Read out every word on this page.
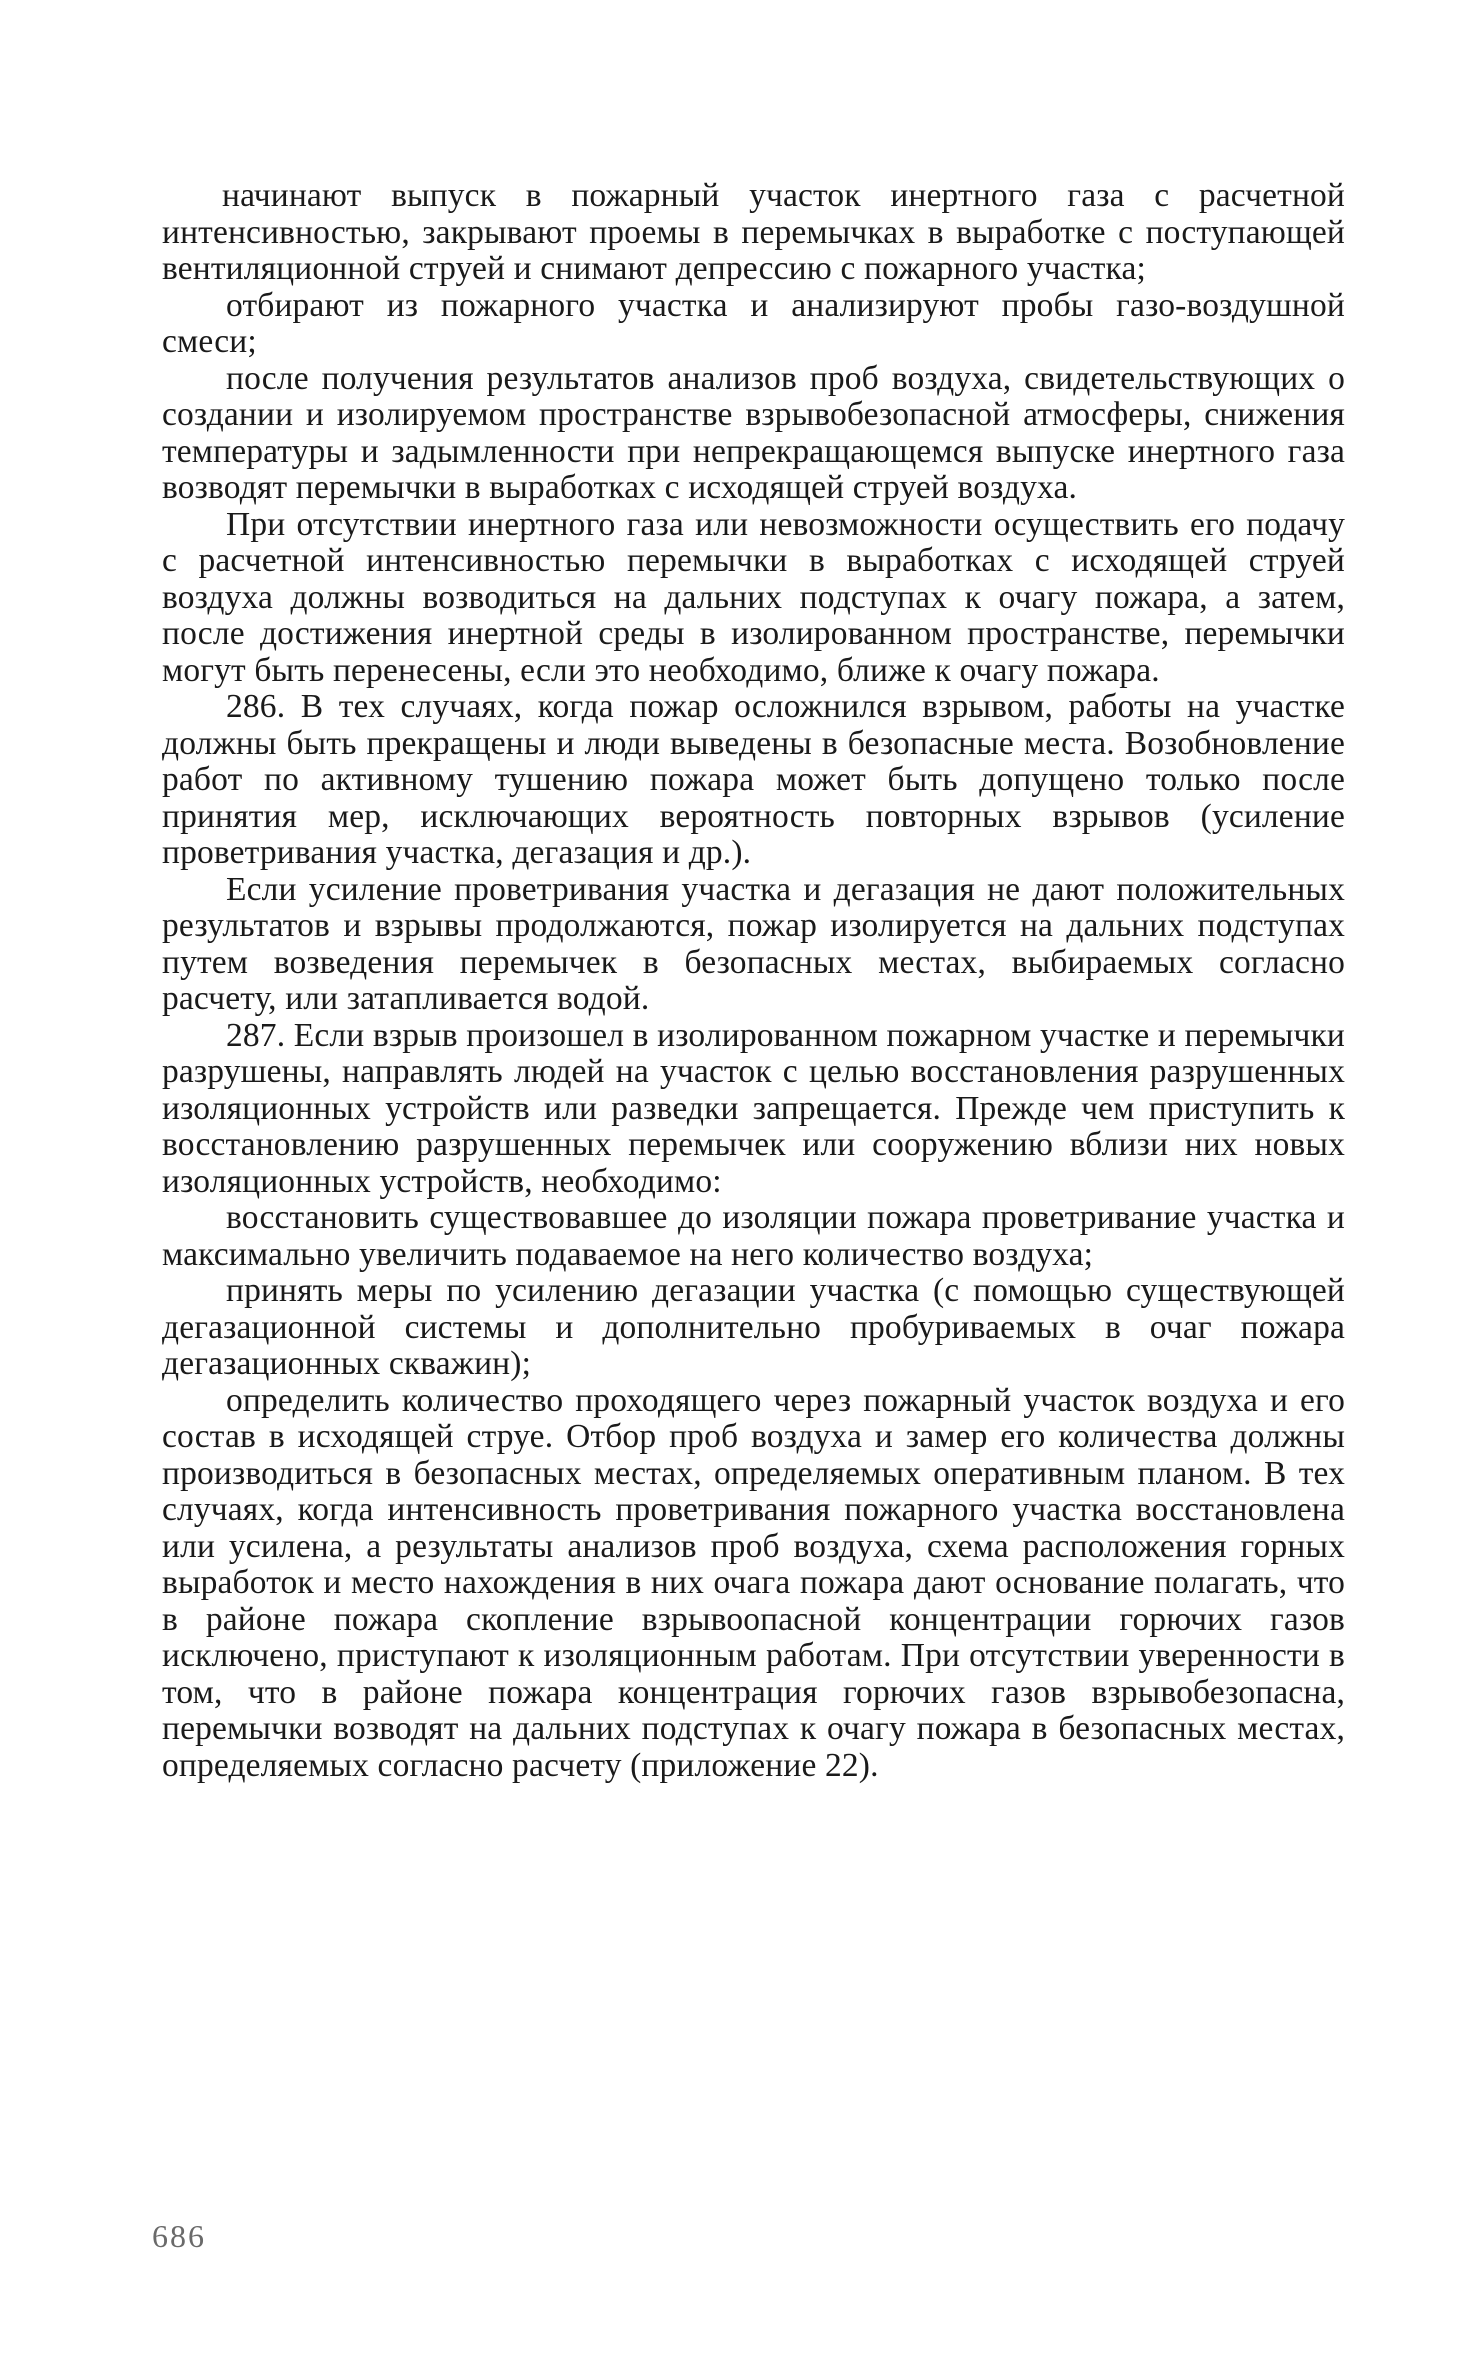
начинают выпуск в пожарный участок инертного газа с расчетной интенсивностью, закрывают проемы в перемычках в выработке с поступающей вентиляционной струей и снимают депрессию с пожарного участка;

отбирают из пожарного участка и анализируют пробы газо-воздушной смеси;

после получения результатов анализов проб воздуха, свидетельствующих о создании и изолируемом пространстве взрывобезопасной атмосферы, снижения температуры и задымленности при непрекращающемся выпуске инертного газа возводят перемычки в выработках с исходящей струей воздуха.

При отсутствии инертного газа или невозможности осуществить его подачу с расчетной интенсивностью перемычки в выработках с исходящей струей воздуха должны возводиться на дальних подступах к очагу пожара, а затем, после достижения инертной среды в изолированном пространстве, перемычки могут быть перенесены, если это необходимо, ближе к очагу пожара.

286. В тех случаях, когда пожар осложнился взрывом, работы на участке должны быть прекращены и люди выведены в безопасные места. Возобновление работ по активному тушению пожара может быть допущено только после принятия мер, исключающих вероятность повторных взрывов (усиление проветривания участка, дегазация и др.).

Если усиление проветривания участка и дегазация не дают положительных результатов и взрывы продолжаются, пожар изолируется на дальних подступах путем возведения перемычек в безопасных местах, выбираемых согласно расчету, или затапливается водой.

287. Если взрыв произошел в изолированном пожарном участке и перемычки разрушены, направлять людей на участок с целью восстановления разрушенных изоляционных устройств или разведки запрещается. Прежде чем приступить к восстановлению разрушенных перемычек или сооружению вблизи них новых изоляционных устройств, необходимо:

восстановить существовавшее до изоляции пожара проветривание участка и максимально увеличить подаваемое на него количество воздуха;

принять меры по усилению дегазации участка (с помощью существующей дегазационной системы и дополнительно пробуриваемых в очаг пожара дегазационных скважин);

определить количество проходящего через пожарный участок воздуха и его состав в исходящей струе. Отбор проб воздуха и замер его количества должны производиться в безопасных местах, определяемых оперативным планом. В тех случаях, когда интенсивность проветривания пожарного участка восстановлена или усилена, а результаты анализов проб воздуха, схема расположения горных выработок и место нахождения в них очага пожара дают основание полагать, что в районе пожара скопление взрывоопасной концентрации горючих газов исключено, приступают к изоляционным работам. При отсутствии уверенности в том, что в районе пожара концентрация горючих газов взрывобезопасна, перемычки возводят на дальних подступах к очагу пожара в безопасных местах, определяемых согласно расчету (приложение 22).

686
